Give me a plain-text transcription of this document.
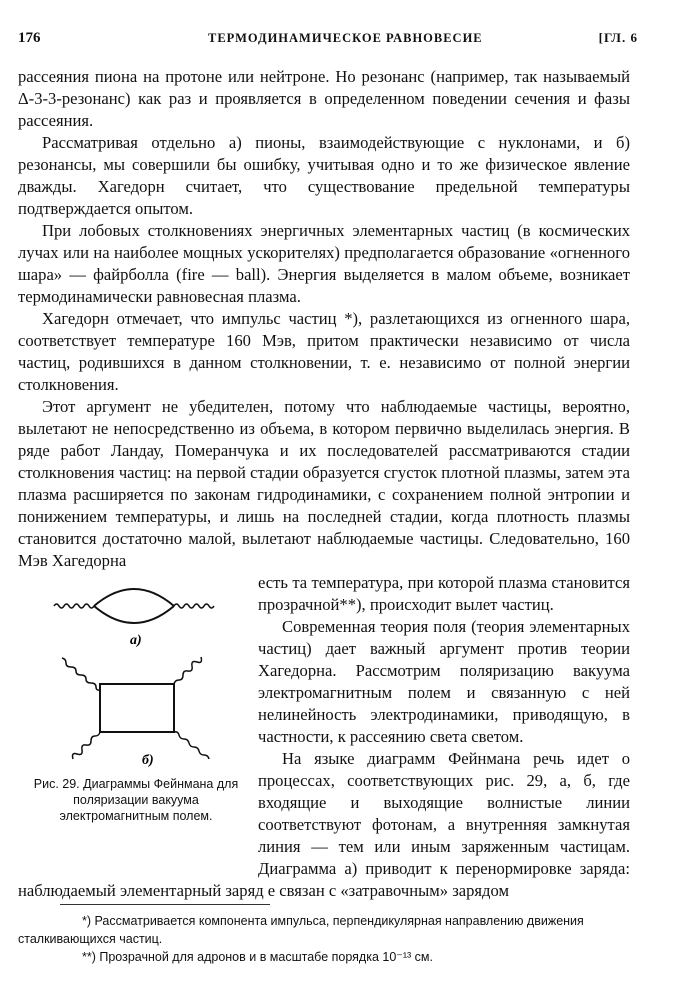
176	ТЕРМОДИНАМИЧЕСКОЕ РАВНОВЕСИЕ	[ГЛ. 6

рассеяния пиона на протоне или нейтроне. Но резонанс (например, так называемый Δ-3-3-резонанс) как раз и проявляется в определенном поведении сечения и фазы рассеяния.

Рассматривая отдельно а) пионы, взаимодействующие с нуклонами, и б) резонансы, мы совершили бы ошибку, учитывая одно и то же физическое явление дважды. Хагедорн считает, что существование предельной температуры подтверждается опытом.

При лобовых столкновениях энергичных элементарных частиц (в космических лучах или на наиболее мощных ускорителях) предполагается образование «огненного шара» — файрболла (fire — ball). Энергия выделяется в малом объеме, возникает термодинамически равновесная плазма.

Хагедорн отмечает, что импульс частиц *), разлетающихся из огненного шара, соответствует температуре 160 Мэв, притом практически независимо от числа частиц, родившихся в данном столкновении, т. е. независимо от полной энергии столкновения.

Этот аргумент не убедителен, потому что наблюдаемые частицы, вероятно, вылетают не непосредственно из объема, в котором первично выделилась энергия. В ряде работ Ландау, Померанчука и их последователей рассматриваются стадии столкновения частиц: на первой стадии образуется сгусток плотной плазмы, затем эта плазма расширяется по законам гидродинамики, с сохранением полной энтропии и понижением температуры, и лишь на последней стадии, когда плотность плазмы становится достаточно малой, вылетают наблюдаемые частицы. Следовательно, 160 Мэв Хагедорна

а)
б)
Рис. 29. Диаграммы Фейнмана для поляризации вакуума электромагнитным полем.

есть та температура, при которой плазма становится прозрачной**), происходит вылет частиц.

Современная теория поля (теория элементарных частиц) дает важный аргумент против теории Хагедорна. Рассмотрим поляризацию вакуума электромагнитным полем и связанную с ней нелинейность электродинамики, приводящую, в частности, к рассеянию света светом.

На языке диаграмм Фейнмана речь идет о процессах, соответствующих рис. 29, а, б, где входящие и выходящие волнистые линии соответствуют фотонам, а внутренняя замкнутая линия — тем или иным заряженным частицам. Диаграмма а) приводит к перенормировке заряда: наблюдаемый элементарный заряд e связан с «затравочным» зарядом

*) Рассматривается компонента импульса, перпендикулярная направлению движения сталкивающихся частиц.

**) Прозрачной для адронов и в масштабе порядка 10⁻¹³ см.
